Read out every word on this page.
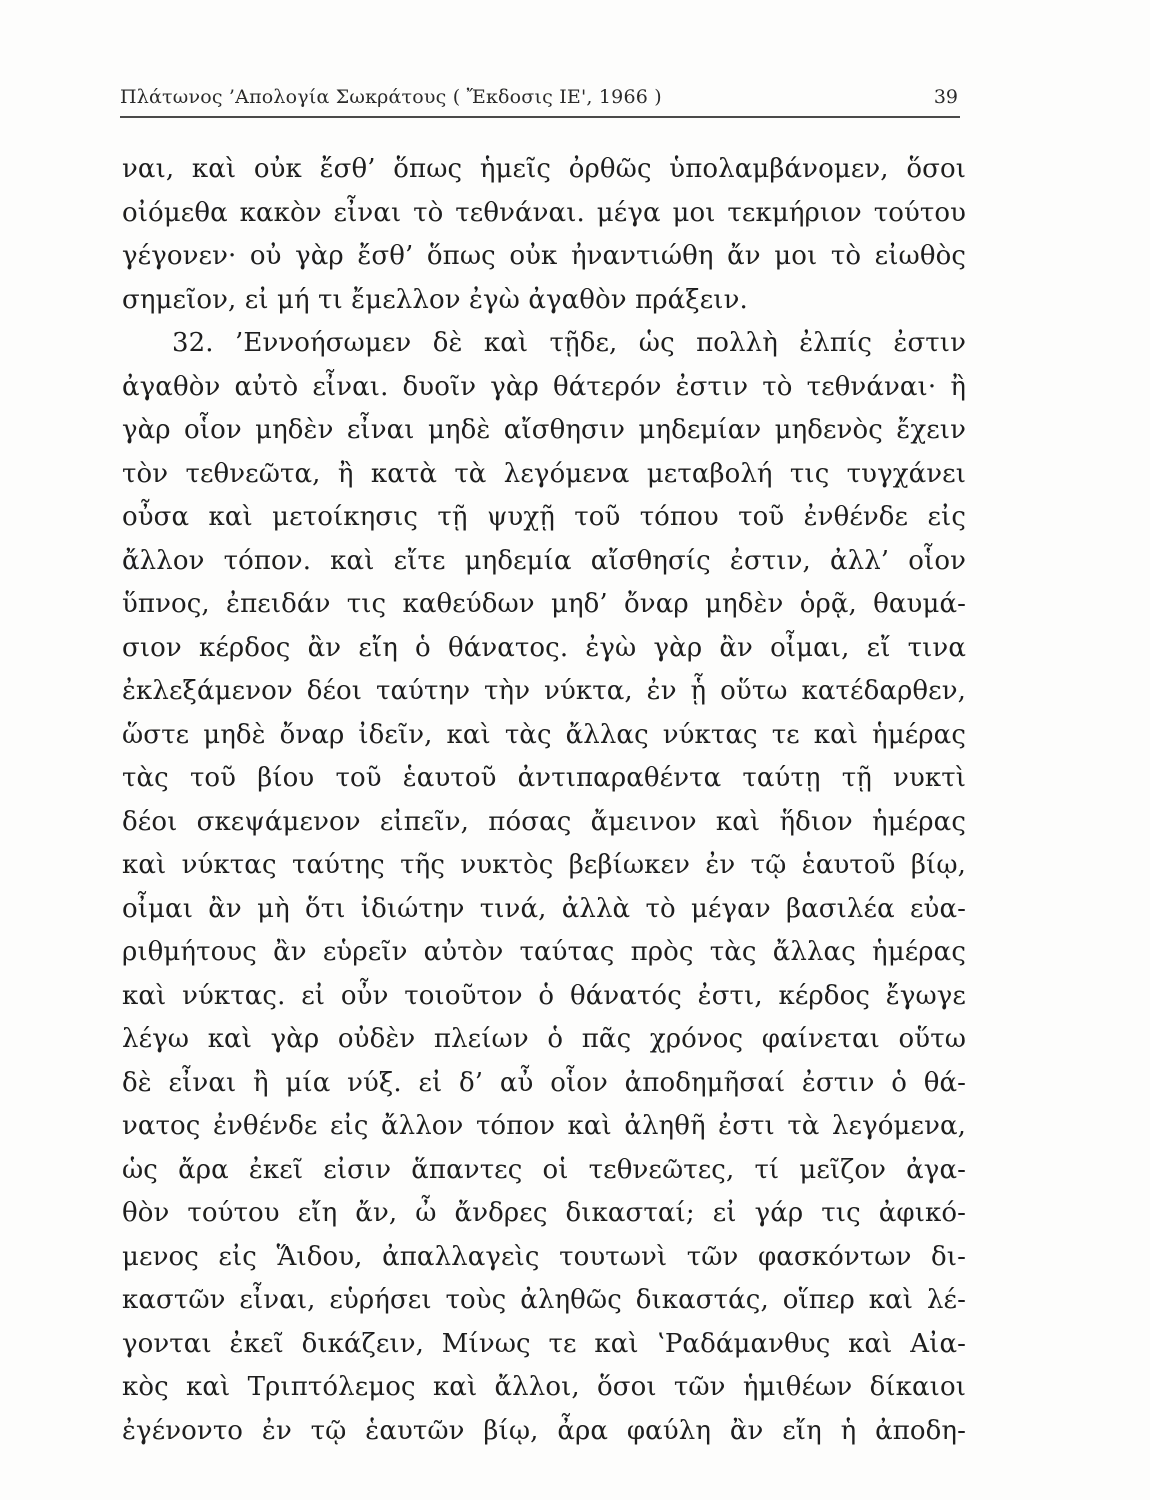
Πλάτωνος ’Απολογία Σωκράτους ( Ἔκδοσις ΙΕ', 1966 )	39
ναι, καὶ οὐκ ἔσθ’ ὅπως ἡμεῖς ὀρθῶς ὑπολαμβάνομεν, ὅσοι
οἰόμεθα κακὸν εἶναι τὸ τεθνάναι. μέγα μοι τεκμήριον τούτου
γέγονεν· οὐ γὰρ ἔσθ’ ὅπως οὐκ ἠναντιώθη ἄν μοι τὸ εἰωθὸς
σημεῖον, εἰ μή τι ἔμελλον ἐγὼ ἀγαθὸν πράξειν.
32. ’Εννοήσωμεν δὲ καὶ τῇδε, ὡς πολλὴ ἐλπίς ἐστιν
ἀγαθὸν αὐτὸ εἶναι. δυοῖν γὰρ θάτερόν ἐστιν τὸ τεθνάναι· ἢ
γὰρ οἷον μηδὲν εἶναι μηδὲ αἴσθησιν μηδεμίαν μηδενὸς ἔχειν
τὸν τεθνεῶτα, ἢ κατὰ τὰ λεγόμενα μεταβολή τις τυγχάνει
οὖσα καὶ μετοίκησις τῇ ψυχῇ τοῦ τόπου τοῦ ἐνθένδε εἰς
ἄλλον τόπον. καὶ εἴτε μηδεμία αἴσθησίς ἐστιν, ἀλλ’ οἷον
ὕπνος, ἐπειδάν τις καθεύδων μηδ’ ὄναρ μηδὲν ὁρᾷ, θαυμά-
σιον κέρδος ἂν εἴη ὁ θάνατος. ἐγὼ γὰρ ἂν οἶμαι, εἴ τινα
ἐκλεξάμενον δέοι ταύτην τὴν νύκτα, ἐν ᾗ οὕτω κατέδαρθεν,
ὥστε μηδὲ ὄναρ ἰδεῖν, καὶ τὰς ἄλλας νύκτας τε καὶ ἡμέρας
τὰς τοῦ βίου τοῦ ἑαυτοῦ ἀντιπαραθέντα ταύτῃ τῇ νυκτὶ
δέοι σκεψάμενον εἰπεῖν, πόσας ἄμεινον καὶ ἥδιον ἡμέρας
καὶ νύκτας ταύτης τῆς νυκτὸς βεβίωκεν ἐν τῷ ἑαυτοῦ βίῳ,
οἶμαι ἂν μὴ ὅτι ἰδιώτην τινά, ἀλλὰ τὸ μέγαν βασιλέα εὐα-
ριθμήτους ἂν εὑρεῖν αὐτὸν ταύτας πρὸς τὰς ἄλλας ἡμέρας
καὶ νύκτας. εἰ οὖν τοιοῦτον ὁ θάνατός ἐστι, κέρδος ἔγωγε
λέγω καὶ γὰρ οὐδὲν πλείων ὁ πᾶς χρόνος φαίνεται οὕτω
δὲ εἶναι ἢ μία νύξ. εἰ δ’ αὖ οἷον ἀποδημῆσαί ἐστιν ὁ θά-
νατος ἐνθένδε εἰς ἄλλον τόπον καὶ ἀληθῆ ἐστι τὰ λεγόμενα,
ὡς ἄρα ἐκεῖ εἰσιν ἅπαντες οἱ τεθνεῶτες, τί μεῖζον ἀγα-
θὸν τούτου εἴη ἄν, ὦ ἄνδρες δικασταί; εἰ γάρ τις ἀφικό-
μενος εἰς Ἅιδου, ἀπαλλαγεὶς τουτωνὶ τῶν φασκόντων δι-
καστῶν εἶναι, εὑρήσει τοὺς ἀληθῶς δικαστάς, οἵπερ καὶ λέ-
γονται ἐκεῖ δικάζειν, Μίνως τε καὶ ʽΡαδάμανθυς καὶ Αἰα-
κὸς καὶ Τριπτόλεμος καὶ ἄλλοι, ὅσοι τῶν ἡμιθέων δίκαιοι
ἐγένοντο ἐν τῷ ἑαυτῶν βίῳ, ἆρα φαύλη ἂν εἴη ἡ ἀποδη-
